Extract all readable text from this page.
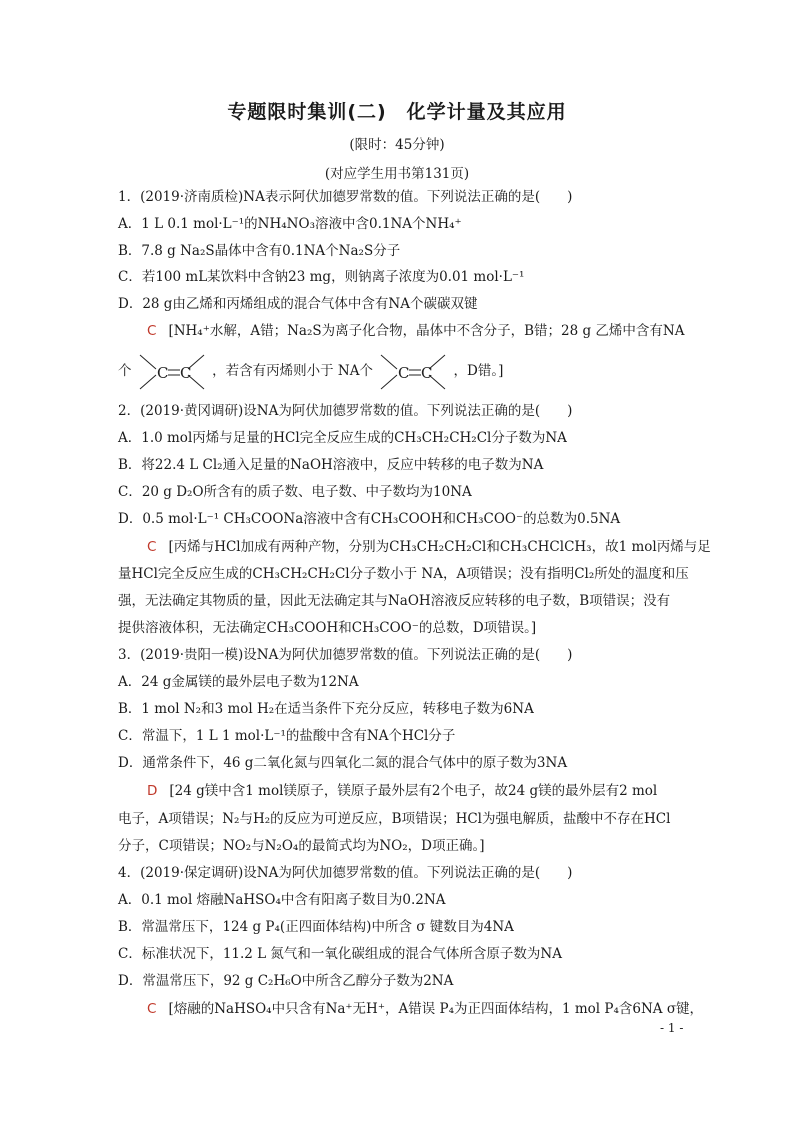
专题限时集训(二)　化学计量及其应用
(限时：45分钟)
(对应学生用书第131页)
1．(2019·济南质检)NA表示阿伏加德罗常数的值。下列说法正确的是(　　)
A．1 L 0.1 mol·L⁻¹的NH₄NO₃溶液中含0.1NA个NH₄⁺
B．7.8 g Na₂S晶体中含有0.1NA个Na₂S分子
C．若100 mL某饮料中含钠23 mg，则钠离子浓度为0.01 mol·L⁻¹
D．28 g由乙烯和丙烯组成的混合气体中含有NA个碳碳双键
C [NH₄⁺水解，A错；Na₂S为离子化合物，晶体中不含分子，B错；28 g 乙烯中含有NA
个 C C ，若含有丙烯则小于 NA个 C C ，D错。]
2．(2019·黄冈调研)设NA为阿伏加德罗常数的值。下列说法正确的是(　　)
A．1.0 mol丙烯与足量的HCl完全反应生成的CH₃CH₂CH₂Cl分子数为NA
B．将22.4 L Cl₂通入足量的NaOH溶液中，反应中转移的电子数为NA
C．20 g D₂O所含有的质子数、电子数、中子数均为10NA
D．0.5 mol·L⁻¹ CH₃COONa溶液中含有CH₃COOH和CH₃COO⁻的总数为0.5NA
C [丙烯与HCl加成有两种产物，分别为CH₃CH₂CH₂Cl和CH₃CHClCH₃，故1 mol丙烯与足
量HCl完全反应生成的CH₃CH₂CH₂Cl分子数小于 NA，A项错误；没有指明Cl₂所处的温度和压
强，无法确定其物质的量，因此无法确定其与NaOH溶液反应转移的电子数，B项错误；没有
提供溶液体积，无法确定CH₃COOH和CH₃COO⁻的总数，D项错误。]
3．(2019·贵阳一模)设NA为阿伏加德罗常数的值。下列说法正确的是(　　)
A．24 g金属镁的最外层电子数为12NA
B．1 mol N₂和3 mol H₂在适当条件下充分反应，转移电子数为6NA
C．常温下，1 L 1 mol·L⁻¹的盐酸中含有NA个HCl分子
D．通常条件下，46 g二氧化氮与四氧化二氮的混合气体中的原子数为3NA
D [24 g镁中含1 mol镁原子，镁原子最外层有2个电子，故24 g镁的最外层有2 mol
电子，A项错误；N₂与H₂的反应为可逆反应，B项错误；HCl为强电解质，盐酸中不存在HCl
分子，C项错误；NO₂与N₂O₄的最简式均为NO₂，D项正确。]
4．(2019·保定调研)设NA为阿伏加德罗常数的值。下列说法正确的是(　　)
A．0.1 mol 熔融NaHSO₄中含有阳离子数目为0.2NA
B．常温常压下，124 g P₄(正四面体结构)中所含 σ 键数目为4NA
C．标准状况下，11.2 L 氮气和一氧化碳组成的混合气体所含原子数为NA
D．常温常压下，92 g C₂H₆O中所含乙醇分子数为2NA
C [熔融的NaHSO₄中只含有Na⁺无H⁺，A错误 P₄为正四面体结构，1 mol P₄含6NA σ键，
- 1 -
